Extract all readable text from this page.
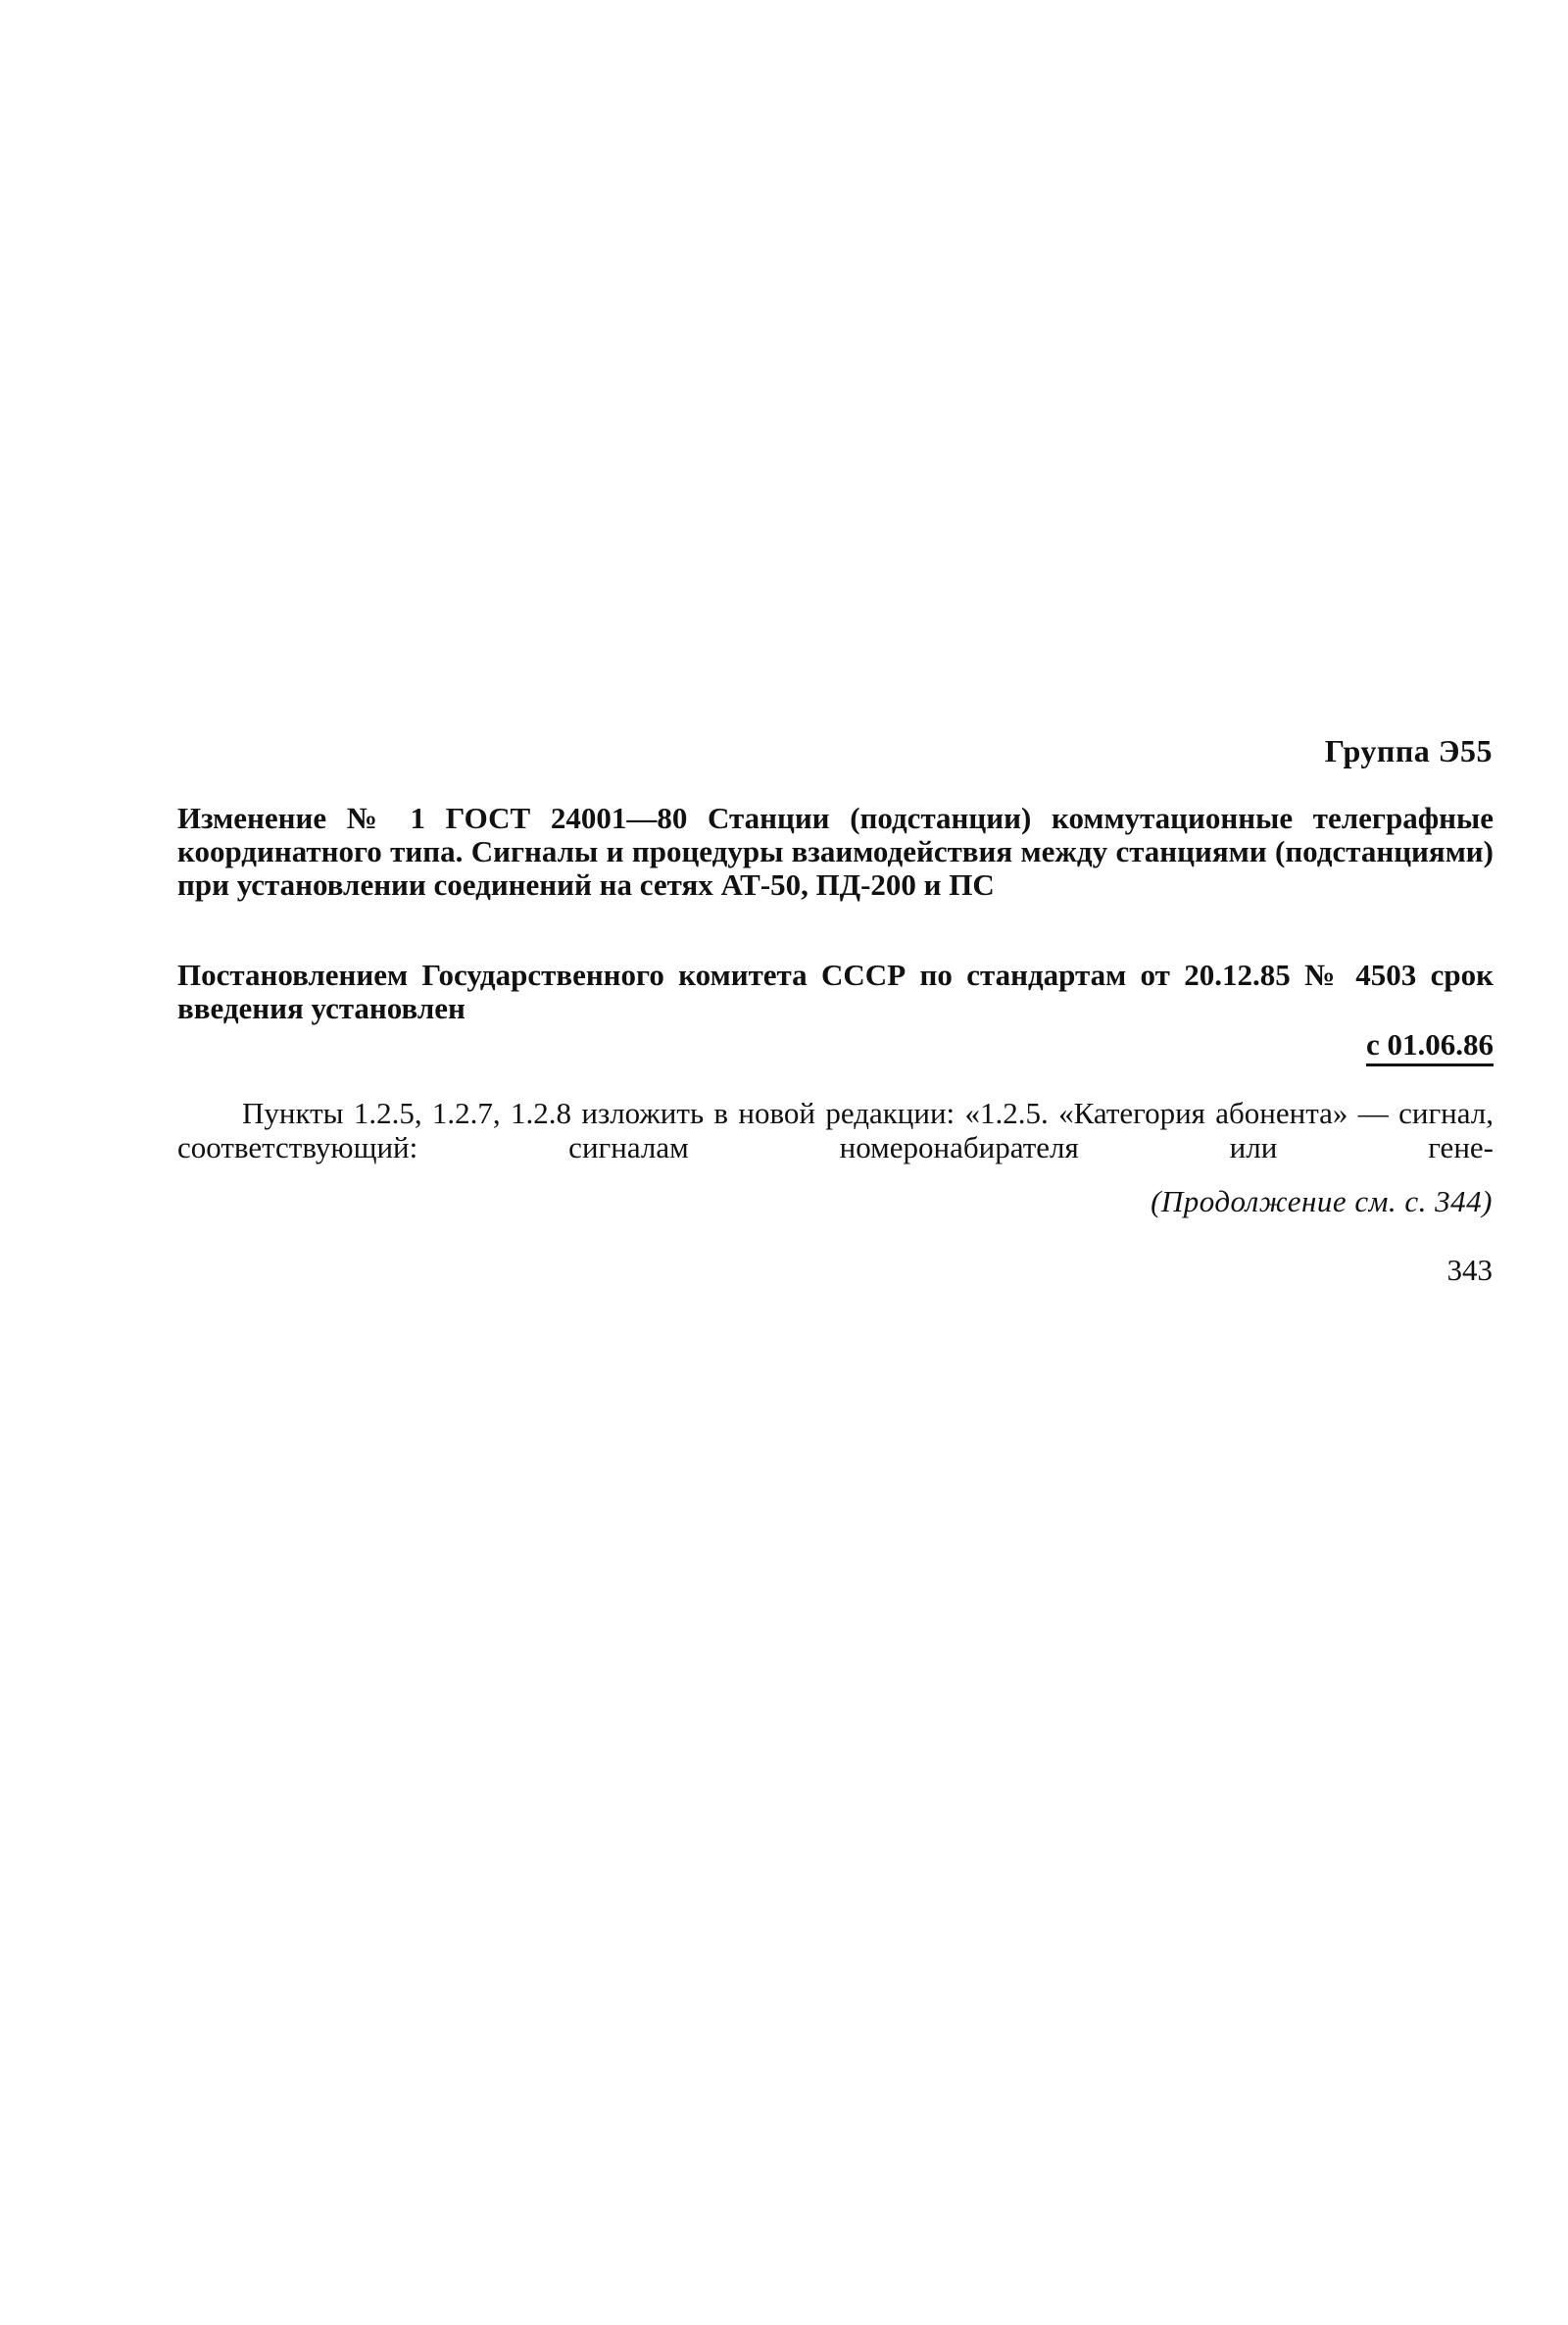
Группа Э55
Изменение № 1 ГОСТ 24001—80 Станции (подстанции) коммутационные телеграфные координатного типа. Сигналы и процедуры взаимодействия между станциями (подстанциями) при установлении соединений на сетях АТ-50, ПД-200 и ПС
Постановлением Государственного комитета СССР по стандартам от 20.12.85 № 4503 срок введения установлен
с 01.06.86
Пункты 1.2.5, 1.2.7, 1.2.8 изложить в новой редакции: «1.2.5. «Категория абонента» — сигнал, соответствующий: сигналам номеронабирателя или гене-
(Продолжение см. с. 344)
343
